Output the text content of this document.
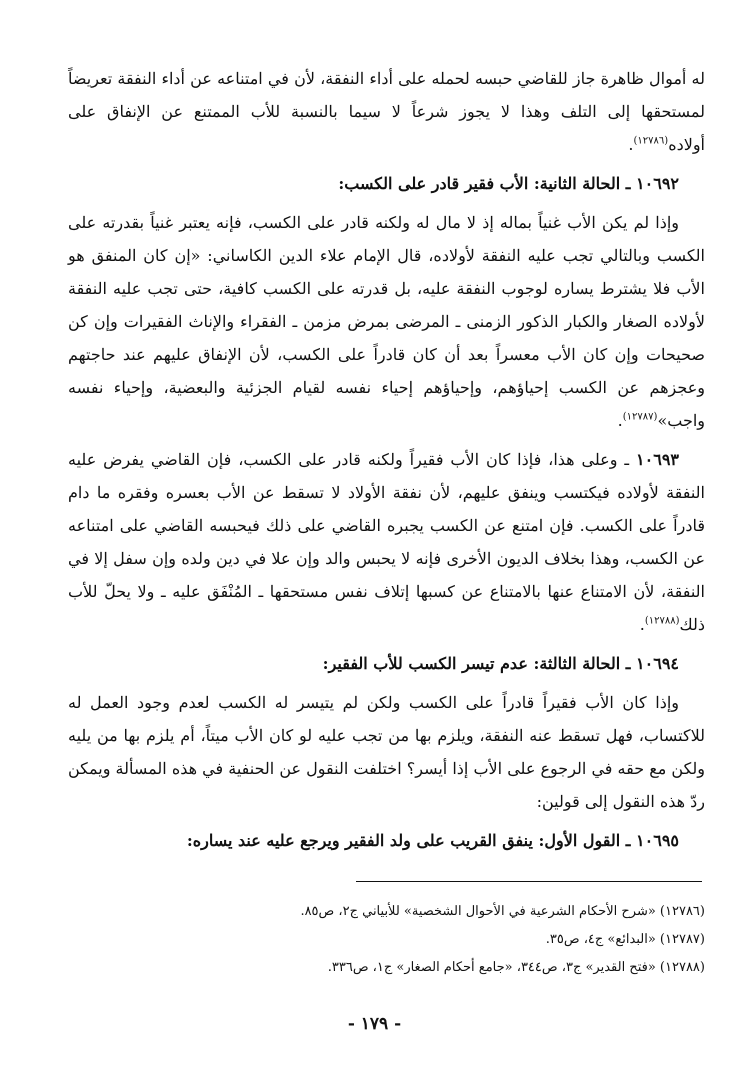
له أموال ظاهرة جاز للقاضي حبسه لحمله على أداء النفقة، لأن في امتناعه عن أداء النفقة تعريضاً لمستحقها إلى التلف وهذا لا يجوز شرعاً لا سيما بالنسبة للأب الممتنع عن الإنفاق على أولاده$^{(١٢٧٨٦)}$.

١٠٦٩٢ ـ الحالة الثانية: الأب فقير قادر على الكسب:

وإذا لم يكن الأب غنياً بماله إذ لا مال له ولكنه قادر على الكسب، فإنه يعتبر غنياً بقدرته على الكسب وبالتالي تجب عليه النفقة لأولاده، قال الإمام علاء الدين الكاساني: «إن كان المنفق هو الأب فلا يشترط يساره لوجوب النفقة عليه، بل قدرته على الكسب كافية، حتى تجب عليه النفقة لأولاده الصغار والكبار الذكور الزمنى ـ المرضى بمرض مزمن ـ الفقراء والإناث الفقيرات وإن كن صحيحات وإن كان الأب معسراً بعد أن كان قادراً على الكسب، لأن الإنفاق عليهم عند حاجتهم وعجزهم عن الكسب إحياؤهم، وإحياؤهم إحياء نفسه لقيام الجزئية والبعضية، وإحياء نفسه واجب»$^{(١٢٧٨٧)}$.

١٠٦٩٣ ـ وعلى هذا، فإذا كان الأب فقيراً ولكنه قادر على الكسب، فإن القاضي يفرض عليه النفقة لأولاده فيكتسب وينفق عليهم، لأن نفقة الأولاد لا تسقط عن الأب بعسره وفقره ما دام قادراً على الكسب. فإن امتنع عن الكسب يجبره القاضي على ذلك فيحبسه القاضي على امتناعه عن الكسب، وهذا بخلاف الديون الأخرى فإنه لا يحبس والد وإن علا في دين ولده وإن سفل إلا في النفقة، لأن الامتناع عنها بالامتناع عن كسبها إتلاف نفس مستحقها ـ المُنْفَق عليه ـ ولا يحلّ للأب ذلك$^{(١٢٧٨٨)}$.

١٠٦٩٤ ـ الحالة الثالثة: عدم تيسر الكسب للأب الفقير:

وإذا كان الأب فقيراً قادراً على الكسب ولكن لم يتيسر له الكسب لعدم وجود العمل له للاكتساب، فهل تسقط عنه النفقة، ويلزم بها من تجب عليه لو كان الأب ميتاً، أم يلزم بها من يليه ولكن مع حقه في الرجوع على الأب إذا أيسر؟ اختلفت النقول عن الحنفية في هذه المسألة ويمكن ردّ هذه النقول إلى قولين:

١٠٦٩٥ ـ القول الأول: ينفق القريب على ولد الفقير ويرجع عليه عند يساره:

(١٢٧٨٦) «شرح الأحكام الشرعية في الأحوال الشخصية» للأبياني ج٢، ص٨٥.

(١٢٧٨٧) «البدائع» ج٤، ص٣٥.

(١٢٧٨٨) «فتح القدير» ج٣، ص٣٤٤، «جامع أحكام الصغار» ج١، ص٣٣٦.

- ١٧٩ -
